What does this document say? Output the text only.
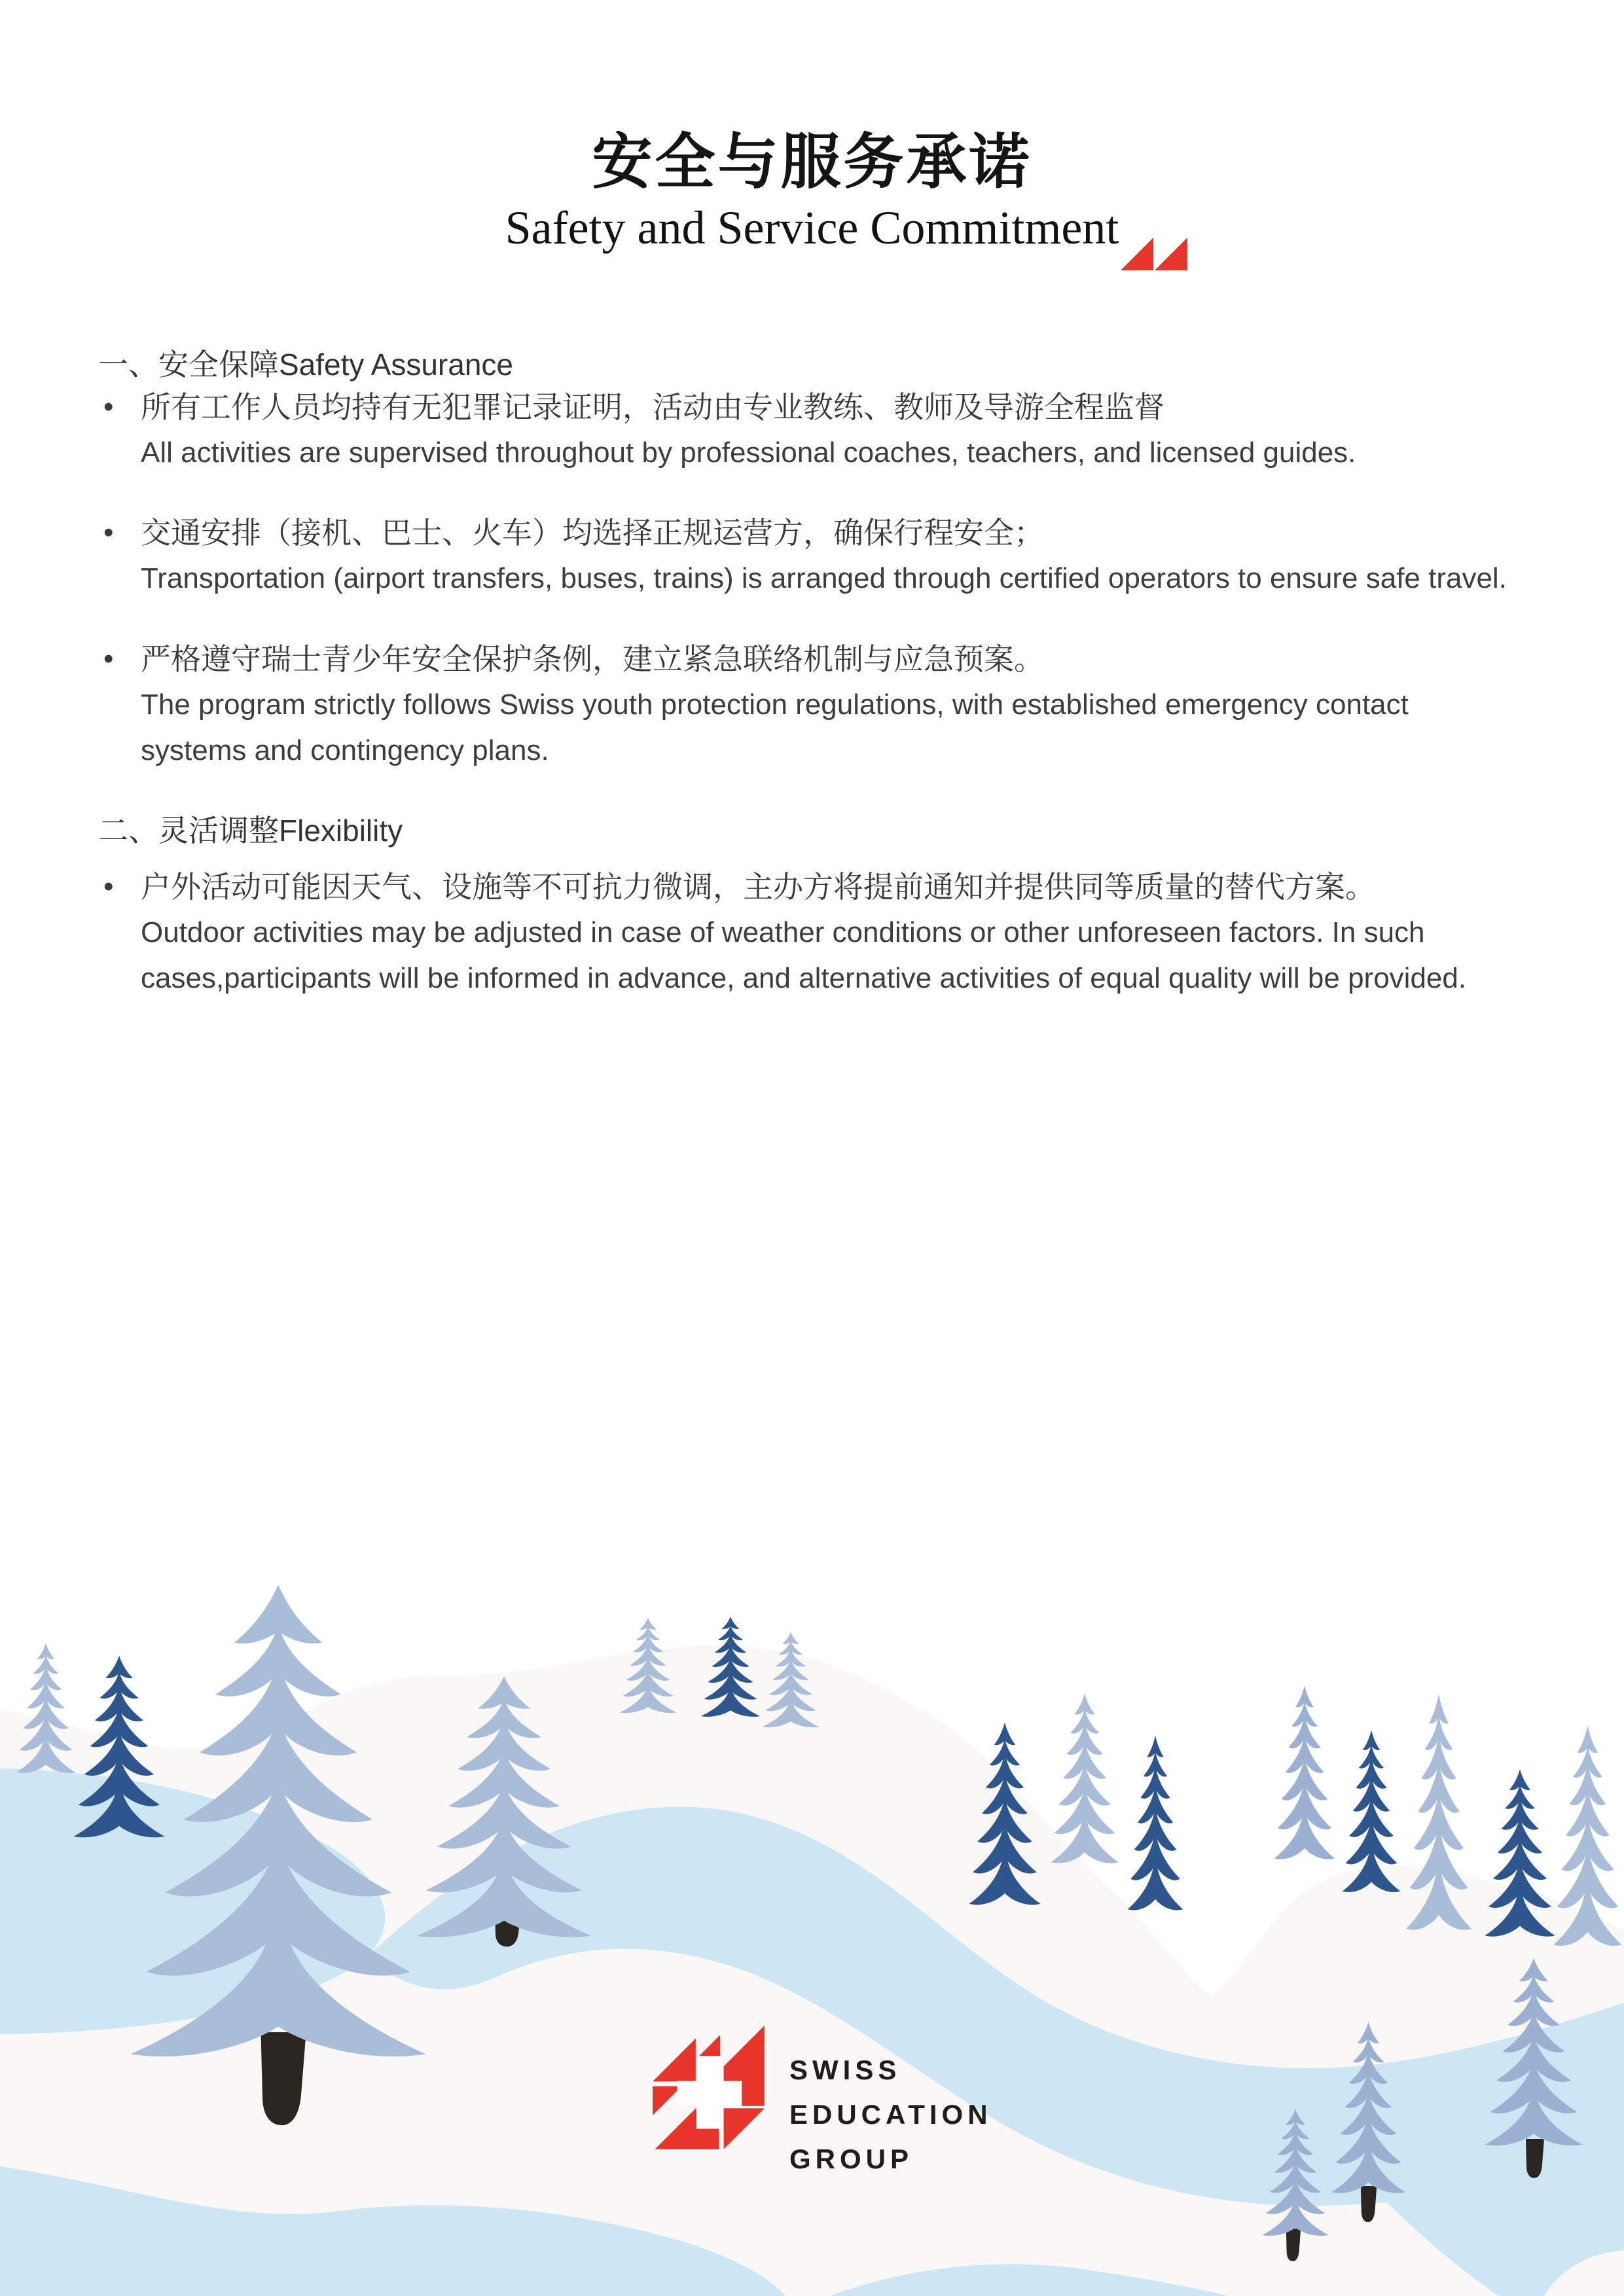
安全与服务承诺
Safety and Service Commitment
一、安全保障Safety Assurance
• 所有工作人员均持有无犯罪记录证明，活动由专业教练、教师及导游全程监督
All activities are supervised throughout by professional coaches, teachers, and licensed guides.
• 交通安排（接机、巴士、火车）均选择正规运营方，确保行程安全；
Transportation (airport transfers, buses, trains) is arranged through certified operators to ensure safe travel.
• 严格遵守瑞士青少年安全保护条例，建立紧急联络机制与应急预案。
The program strictly follows Swiss youth protection regulations, with established emergency contact
systems and contingency plans.
二、灵活调整Flexibility
• 户外活动可能因天气、设施等不可抗力微调，主办方将提前通知并提供同等质量的替代方案。
Outdoor activities may be adjusted in case of weather conditions or other unforeseen factors. In such
cases,participants will be informed in advance, and alternative activities of equal quality will be provided.
SWISS
EDUCATION
GROUP
